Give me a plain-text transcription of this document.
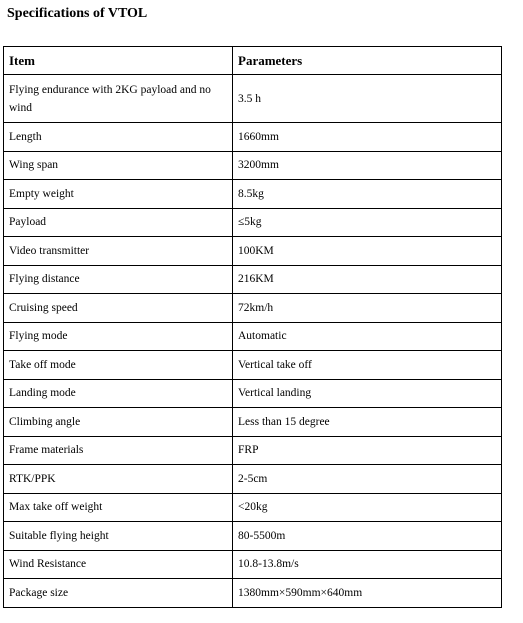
Specifications of VTOL
Item	Parameters
Flying endurance with 2KG payload and no wind	3.5 h
Length	1660mm
Wing span	3200mm
Empty weight	8.5kg
Payload	≤5kg
Video transmitter	100KM
Flying distance	216KM
Cruising speed	72km/h
Flying mode	Automatic
Take off mode	Vertical take off
Landing mode	Vertical landing
Climbing angle	Less than 15 degree
Frame materials	FRP
RTK/PPK	2-5cm
Max take off weight	<20kg
Suitable flying height	80-5500m
Wind Resistance	10.8-13.8m/s
Package size	1380mm×590mm×640mm
